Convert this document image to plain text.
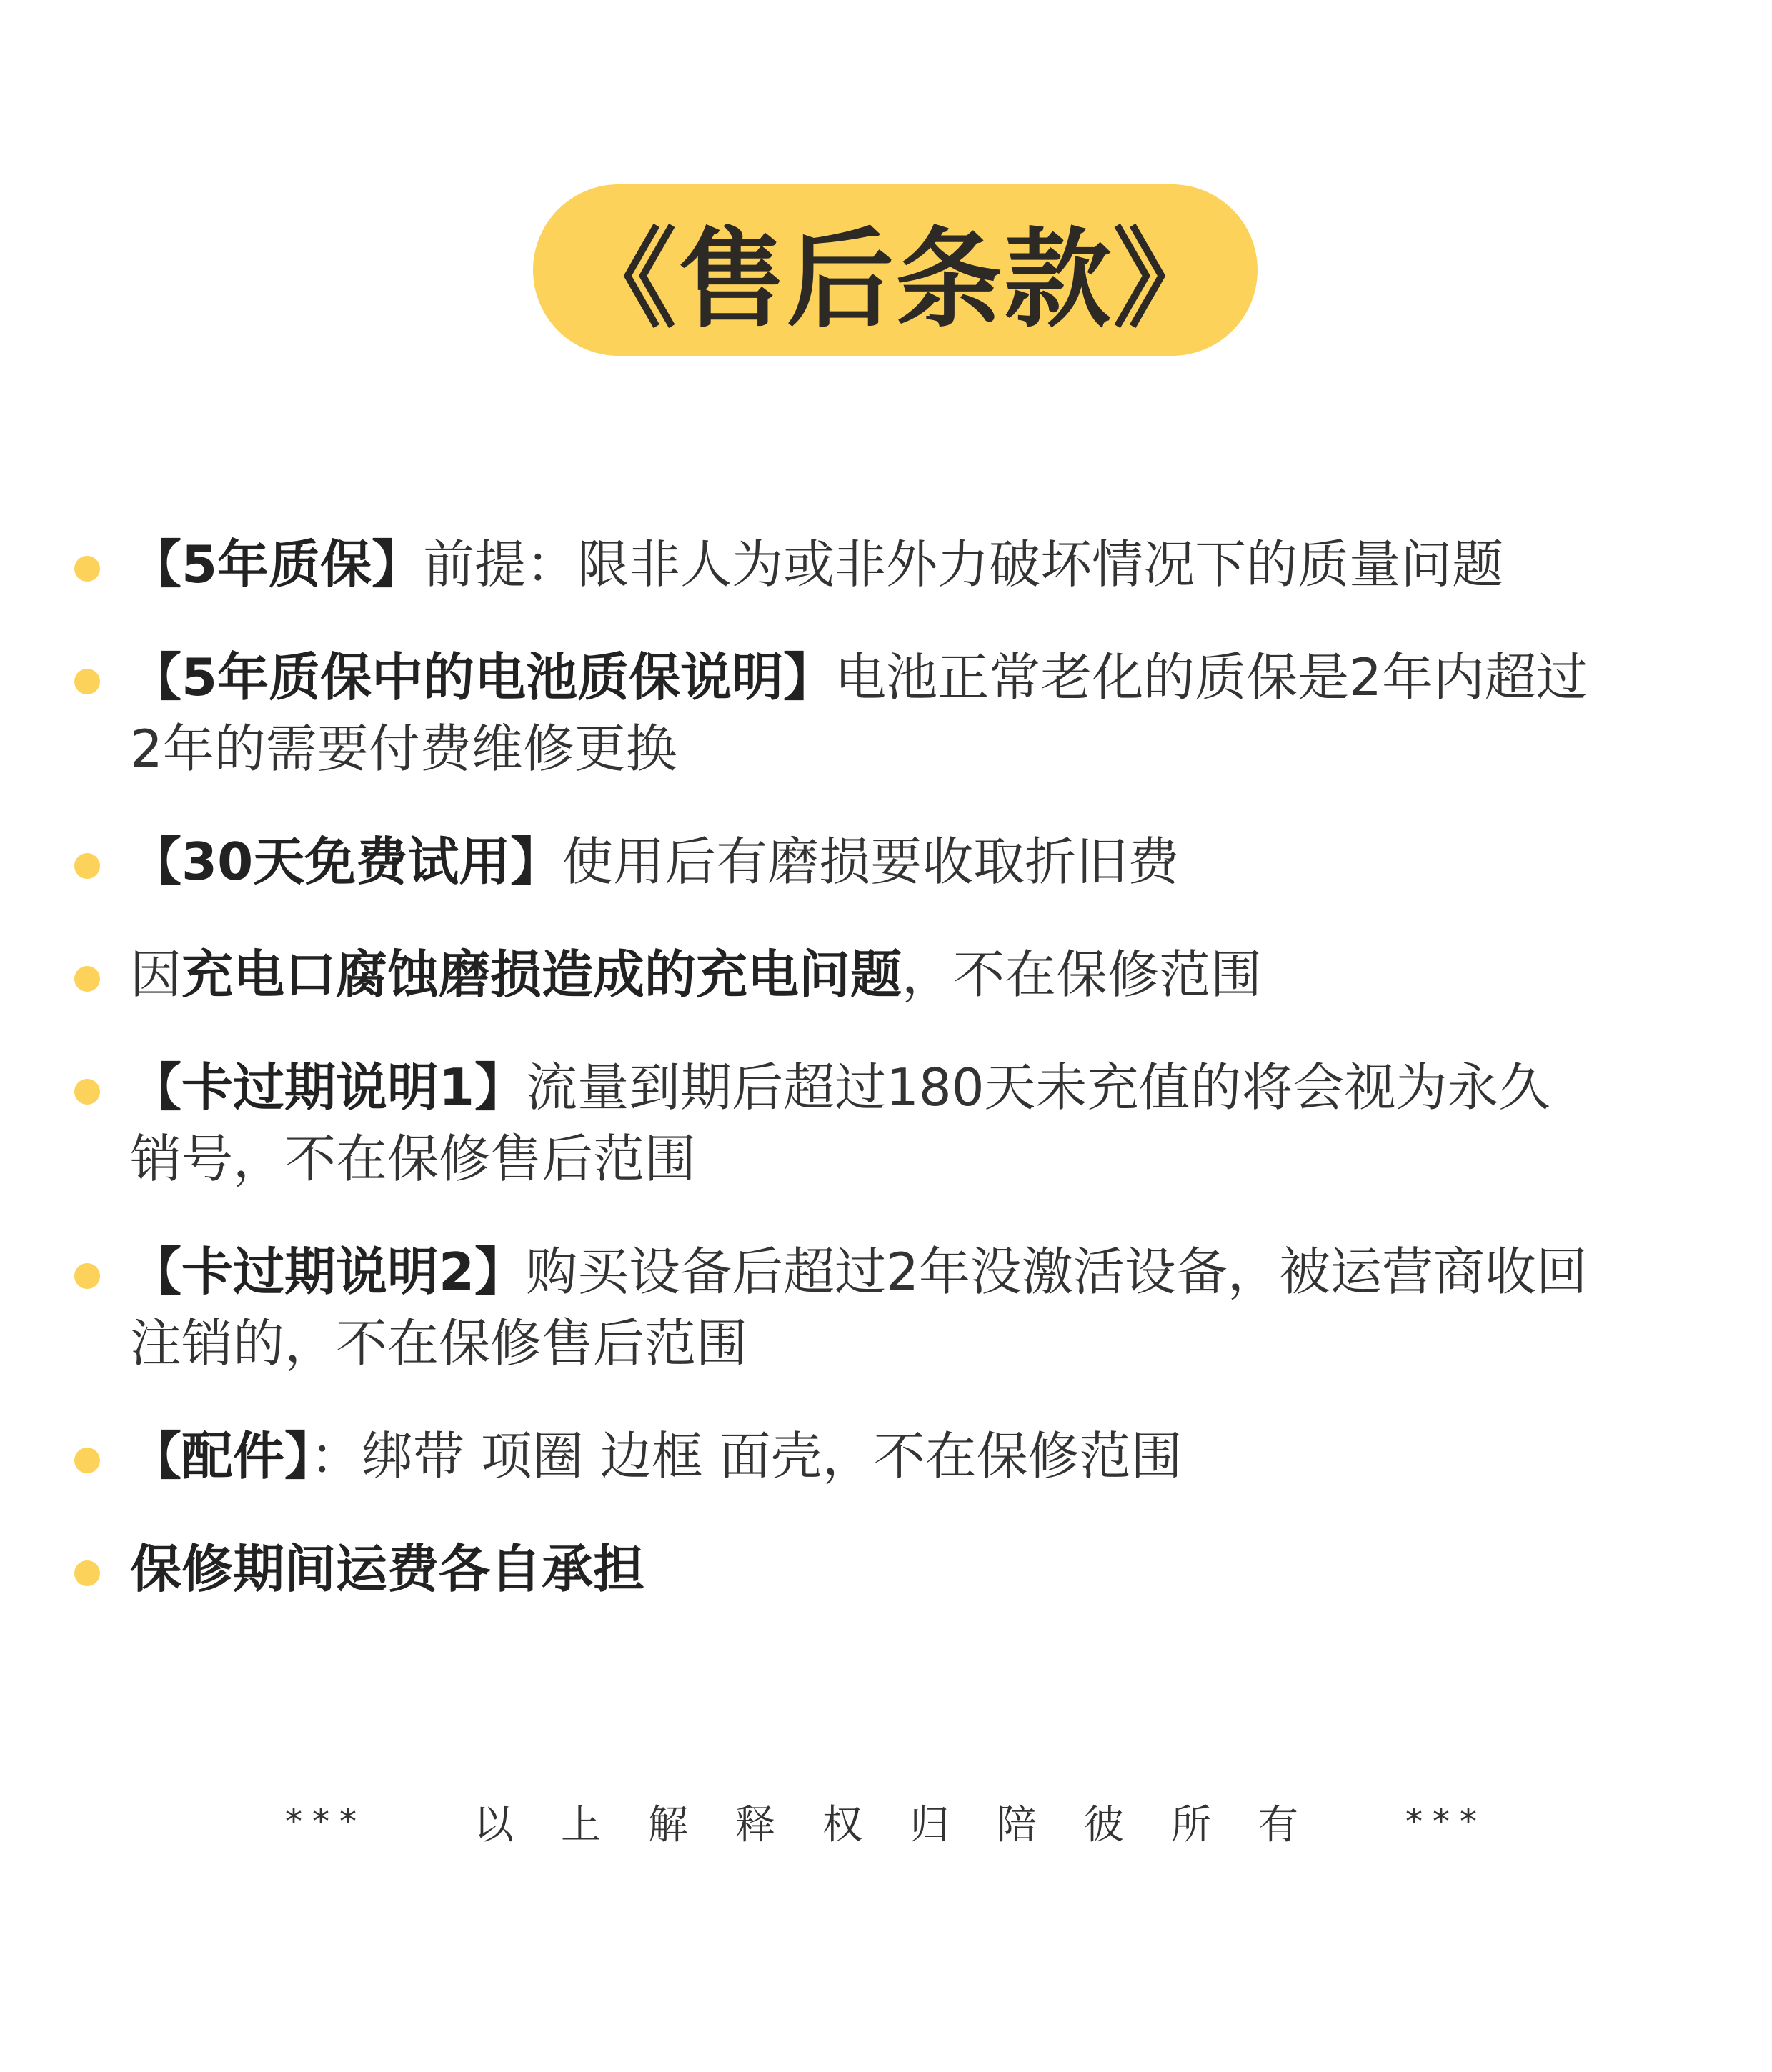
《售后条款》
【5年质保】前提：限非人为或非外力破坏情况下的质量问题
【5年质保中的电池质保说明】电池正常老化的质保是2年内超过2年的需要付费维修更换
【30天免费试用】使用后有磨损要收取折旧费
因充电口腐蚀磨损造成的充电问题，不在保修范围
【卡过期说明1】流量到期后超过180天未充值的将会视为永久销号，不在保修售后范围
【卡过期说明2】购买设备后超过2年没激活设备，被运营商收回注销的，不在保修售后范围
【配件】：绑带 项圈 边框 面壳，不在保修范围
保修期间运费各自承担
***	以上解释权归陪彼所有 ***
